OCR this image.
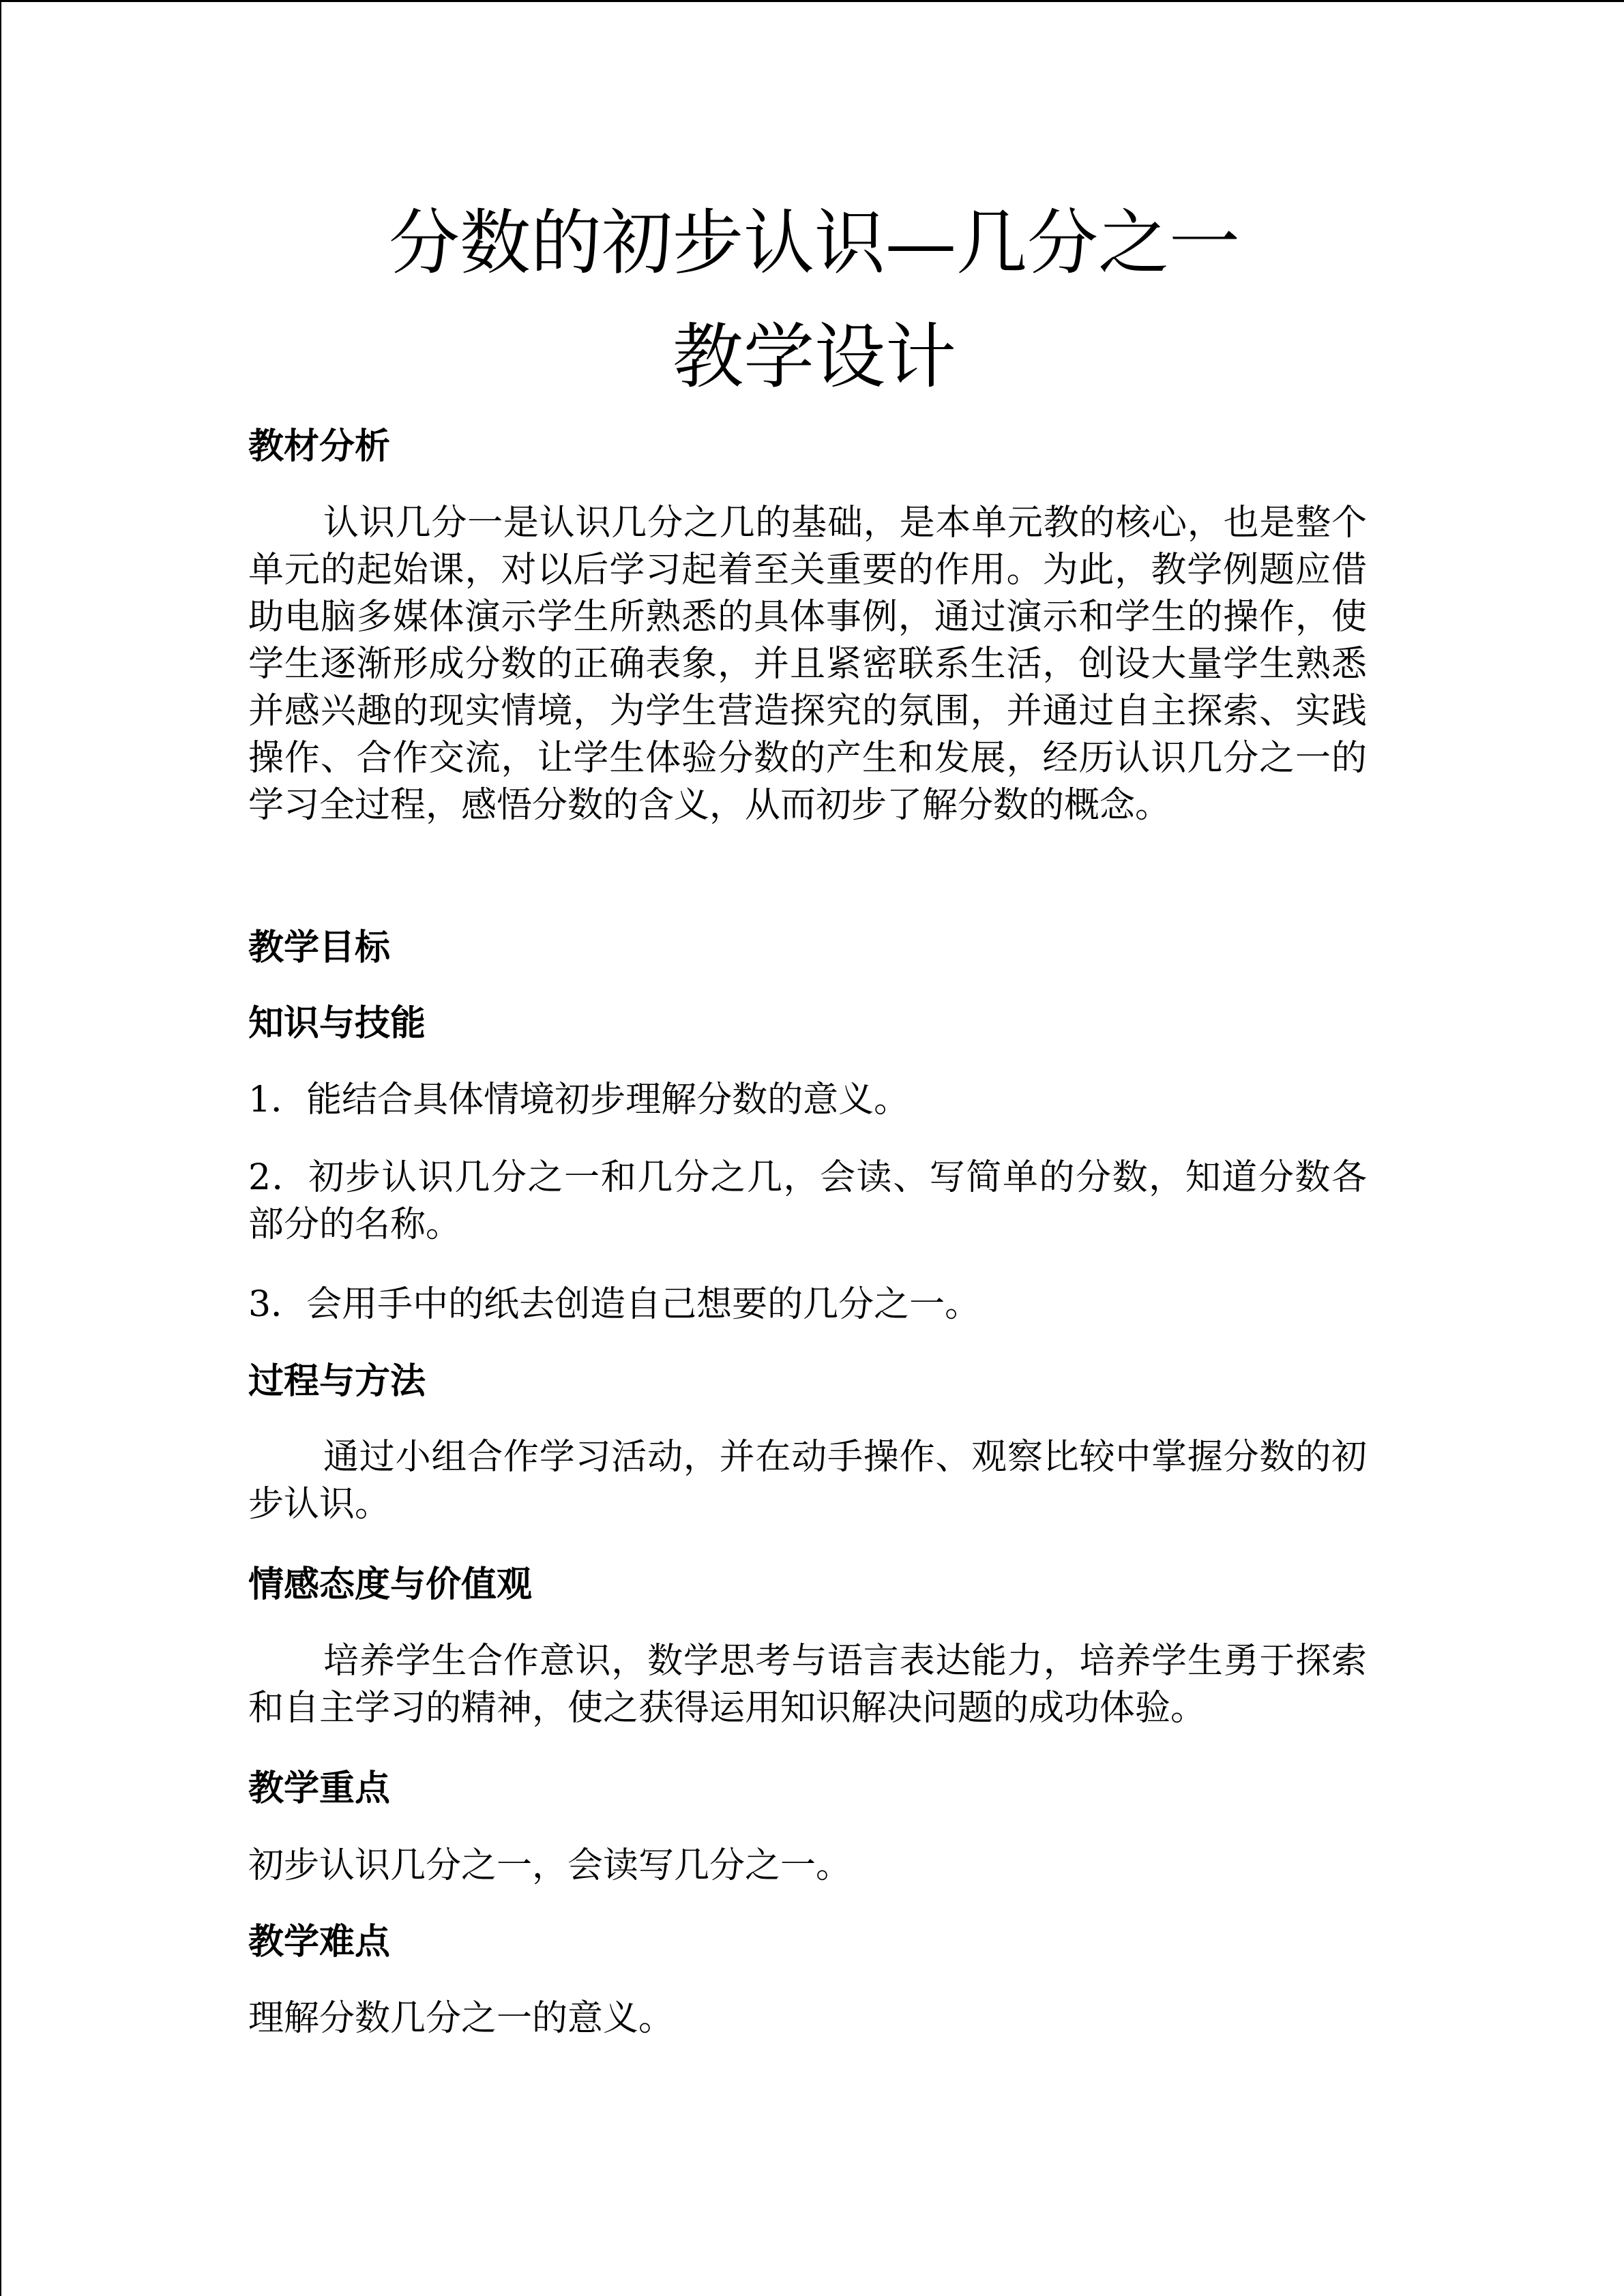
分数的初步认识—几分之一
教学设计
教材分析

认识几分一是认识几分之几的基础，是本单元教的核心，也是整个单元的起始课，对以后学习起着至关重要的作用。为此，教学例题应借助电脑多媒体演示学生所熟悉的具体事例，通过演示和学生的操作，使学生逐渐形成分数的正确表象，并且紧密联系生活，创设大量学生熟悉并感兴趣的现实情境，为学生营造探究的氛围，并通过自主探索、实践操作、合作交流，让学生体验分数的产生和发展，经历认识几分之一的学习全过程，感悟分数的含义，从而初步了解分数的概念。

教学目标
知识与技能

1．能结合具体情境初步理解分数的意义。

2．初步认识几分之一和几分之几，会读、写简单的分数，知道分数各部分的名称。

3．会用手中的纸去创造自己想要的几分之一。

过程与方法

通过小组合作学习活动，并在动手操作、观察比较中掌握分数的初步认识。

情感态度与价值观

培养学生合作意识，数学思考与语言表达能力，培养学生勇于探索和自主学习的精神，使之获得运用知识解决问题的成功体验。

教学重点

初步认识几分之一，会读写几分之一。

教学难点

理解分数几分之一的意义。
